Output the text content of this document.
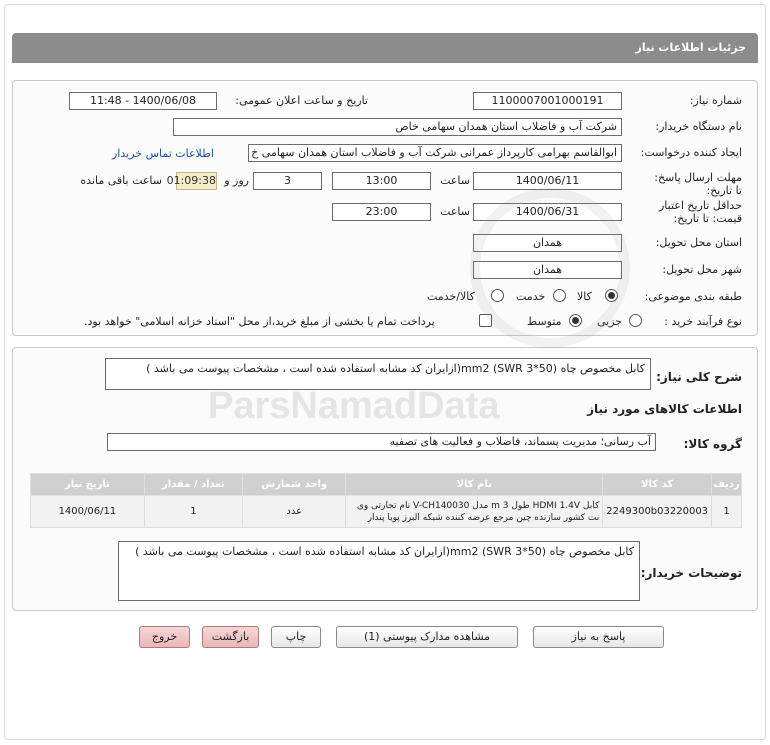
جزئیات اطلاعات نیاز
شماره نیاز:
1100007001000191
تاریخ و ساعت اعلان عمومی:
1400/06/08 - 11:48
نام دستگاه خریدار:
شرکت آب و فاضلاب استان همدان سهامی خاص
ایجاد کننده درخواست:
ابوالقاسم بهرامی کارپرداز عمرانی شرکت آب و فاضلاب استان همدان سهامی خ
اطلاعات تماس خریدار
مهلت ارسال پاسخ: تا تاریخ:
1400/06/11
ساعت
13:00
3
روز و
01:09:38
ساعت باقی مانده
حداقل تاریخ اعتبار قیمت: تا تاریخ:
1400/06/31
ساعت
23:00
استان محل تحویل:
همدان
شهر محل تحویل:
همدان
طبقه بندی موضوعی:
کالا
خدمت
کالا/خدمت
نوع فرآیند خرید :
جزیی
متوسط
پرداخت تمام یا بخشی از مبلغ خرید،از محل "اسناد خزانه اسلامی" خواهد بود.
شرح کلی نیاز:
کابل مخصوص چاه (50*3 SWR) mm2(ازایران کد مشابه استفاده شده است ، مشخصات پیوست می باشد )
اطلاعات کالاهای مورد نیاز
گروه کالا:
آب رسانی؛ مدیریت پسماند، فاضلاب و فعالیت های تصفیه
ردیف	کد کالا	نام کالا	واحد شمارش	تعداد / مقدار	تاریخ نیاز
1	2249300b03220003	کابل HDMI 1.4V طول m 3 مدل V-CH140030 نام تجارتی وی نت کشور سازنده چین مرجع عرضه کننده شبکه البرز پویا پندار	عدد	1	1400/06/11
توضیحات خریدار:
کابل مخصوص چاه (50*3 SWR) mm2(ازایران کد مشابه استفاده شده است ، مشخصات پیوست می باشد )
ParsNamadData
پاسخ به نیاز
مشاهده مدارک پیوستی (1)
چاپ
بازگشت
خروج
